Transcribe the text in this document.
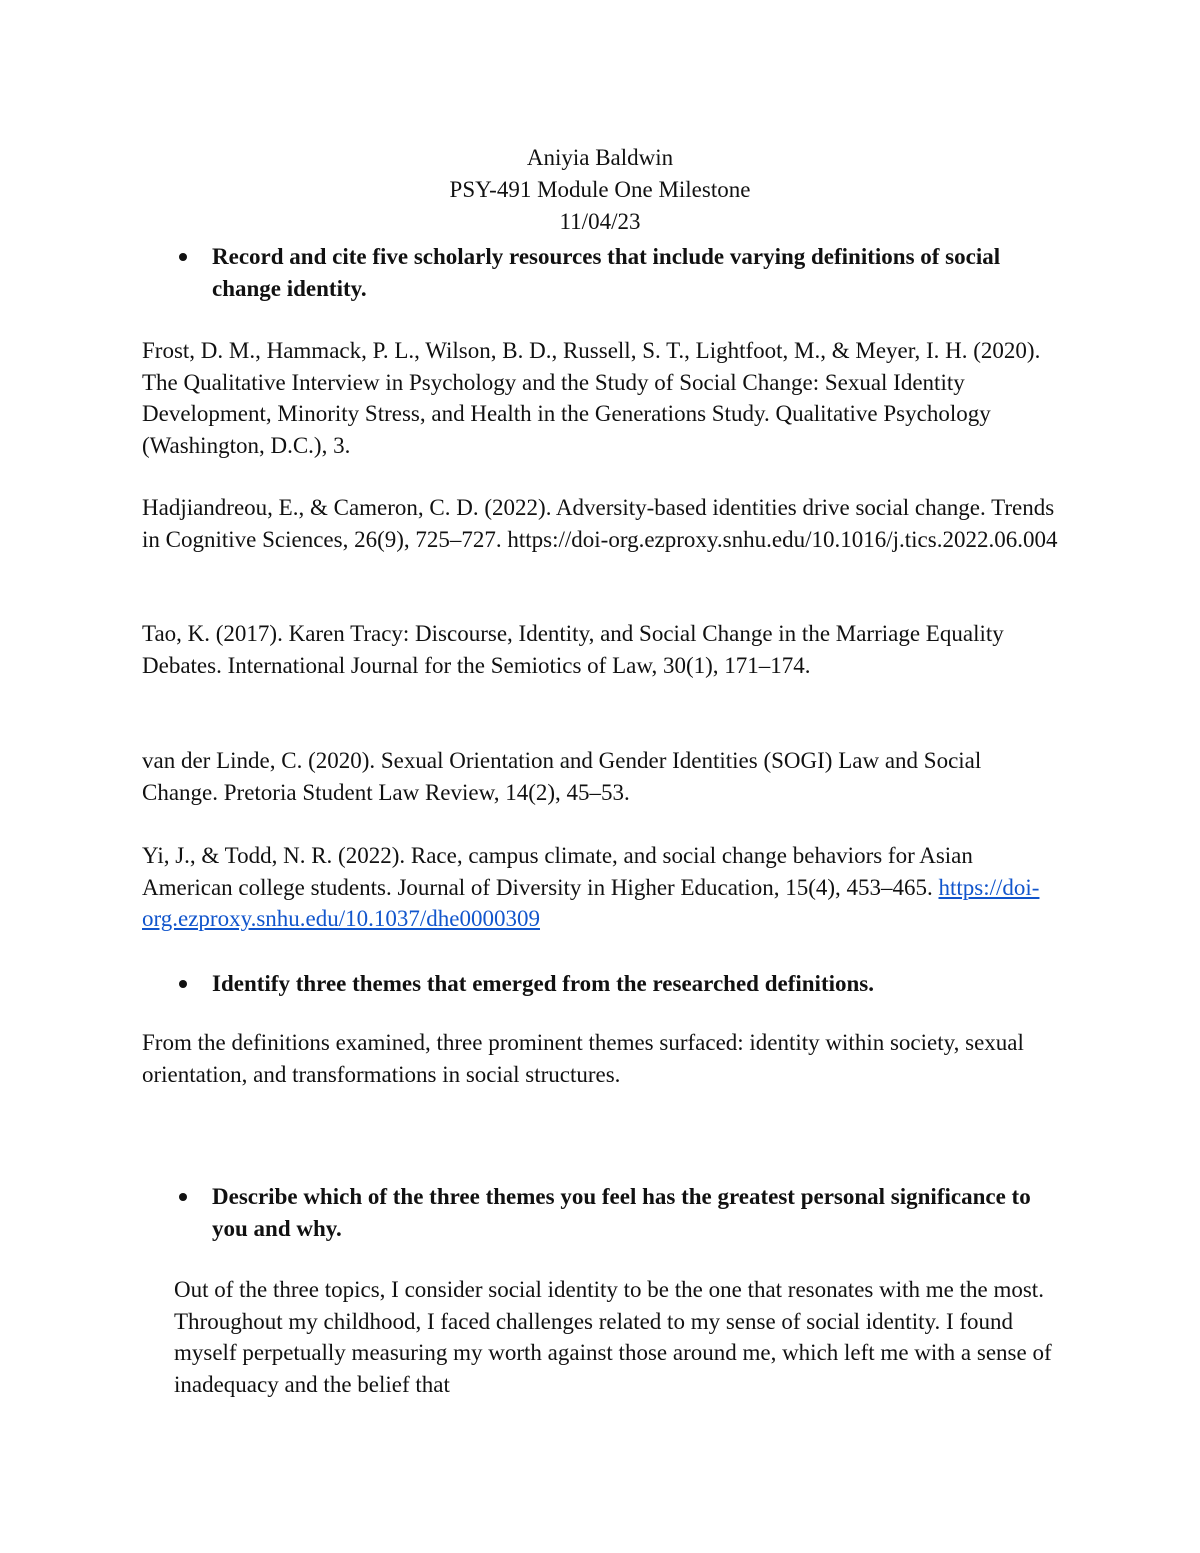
Aniyia Baldwin
PSY-491 Module One Milestone
11/04/23
Record and cite five scholarly resources that include varying definitions of social change identity.

Frost, D. M., Hammack, P. L., Wilson, B. D., Russell, S. T., Lightfoot, M., & Meyer, I. H. (2020). The Qualitative Interview in Psychology and the Study of Social Change: Sexual Identity Development, Minority Stress, and Health in the Generations Study. Qualitative Psychology (Washington, D.C.), 3.

Hadjiandreou, E., & Cameron, C. D. (2022). Adversity-based identities drive social change. Trends in Cognitive Sciences, 26(9), 725–727. https://doi-org.ezproxy.snhu.edu/10.1016/j.tics.2022.06.004

Tao, K. (2017). Karen Tracy: Discourse, Identity, and Social Change in the Marriage Equality Debates. International Journal for the Semiotics of Law, 30(1), 171–174.

van der Linde, C. (2020). Sexual Orientation and Gender Identities (SOGI) Law and Social Change. Pretoria Student Law Review, 14(2), 45–53.

Yi, J., & Todd, N. R. (2022). Race, campus climate, and social change behaviors for Asian American college students. Journal of Diversity in Higher Education, 15(4), 453–465. https://doi-org.ezproxy.snhu.edu/10.1037/dhe0000309

Identify three themes that emerged from the researched definitions.

From the definitions examined, three prominent themes surfaced: identity within society, sexual orientation, and transformations in social structures.

Describe which of the three themes you feel has the greatest personal significance to you and why.

Out of the three topics, I consider social identity to be the one that resonates with me the most. Throughout my childhood, I faced challenges related to my sense of social identity. I found myself perpetually measuring my worth against those around me, which left me with a sense of inadequacy and the belief that
